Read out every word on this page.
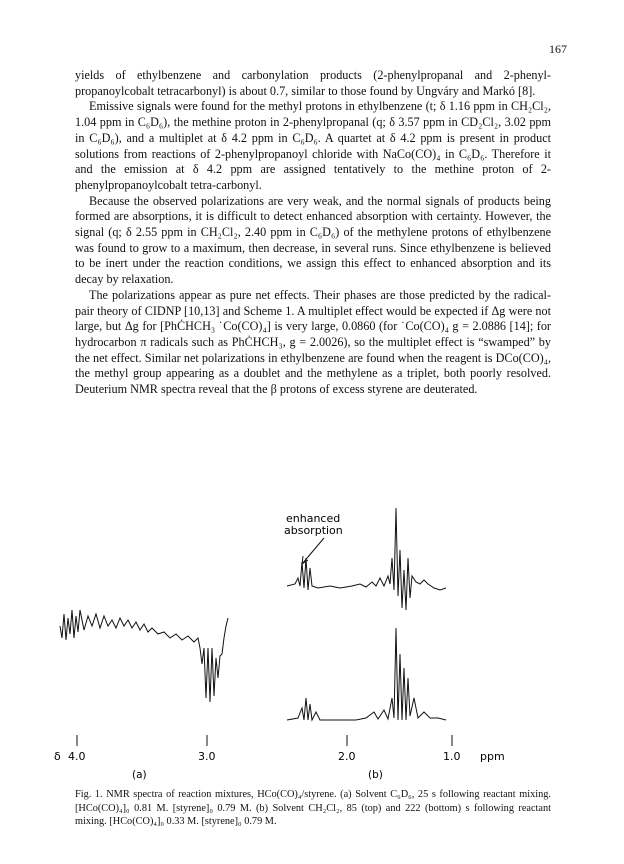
167

yields of ethylbenzene and carbonylation products (2-phenylpropanal and 2-phenyl-propanoylcobalt tetracarbonyl) is about 0.7, similar to those found by Ungváry and Markó [8].

Emissive signals were found for the methyl protons in ethylbenzene (t; δ 1.16 ppm in CH₂Cl₂, 1.04 ppm in C₆D₆), the methine proton in 2-phenylpropanal (q; δ 3.57 ppm in CD₂Cl₂, 3.02 ppm in C₆D₆), and a multiplet at δ 4.2 ppm in C₆D₆. A quartet at δ 4.2 ppm is present in product solutions from reactions of 2-phenylpropanoyl chloride with NaCo(CO)₄ in C₆D₆. Therefore it and the emission at δ 4.2 ppm are assigned tentatively to the methine proton of 2-phenylpropanoylcobalt tetra-carbonyl.

Because the observed polarizations are very weak, and the normal signals of products being formed are absorptions, it is difficult to detect enhanced absorption with certainty. However, the signal (q; δ 2.55 ppm in CH₂Cl₂, 2.40 ppm in C₆D₆) of the methylene protons of ethylbenzene was found to grow to a maximum, then decrease, in several runs. Since ethylbenzene is believed to be inert under the reaction conditions, we assign this effect to enhanced absorption and its decay by relaxation.

The polarizations appear as pure net effects. Their phases are those predicted by the radical-pair theory of CIDNP [10,13] and Scheme 1. A multiplet effect would be expected if Δg were not large, but Δg for [PhĊHCH₃ ˙Co(CO)₄] is very large, 0.0860 (for ˙Co(CO)₄ g = 2.0886 [14]; for hydrocarbon π radicals such as PhĊHCH₃, g = 2.0026), so the multiplet effect is “swamped” by the net effect. Similar net polarizations in ethylbenzene are found when the reagent is DCo(CO)₄, the methyl group appearing as a doublet and the methylene as a triplet, both poorly resolved. Deuterium NMR spectra reveal that the β protons of excess styrene are deuterated.

enhanced
absorption
δ 4.0	3.0	2.0	1.0 ppm
(a)	(b)
Fig. 1. NMR spectra of reaction mixtures, HCo(CO)₄/styrene. (a) Solvent C₆D₆, 25 s following reactant mixing. [HCo(CO)₄]₀ 0.81 M. [styrene]₀ 0.79 M. (b) Solvent CH₂Cl₂, 85 (top) and 222 (bottom) s following reactant mixing. [HCo(CO)₄]₀ 0.33 M. [styrene]₀ 0.79 M.
